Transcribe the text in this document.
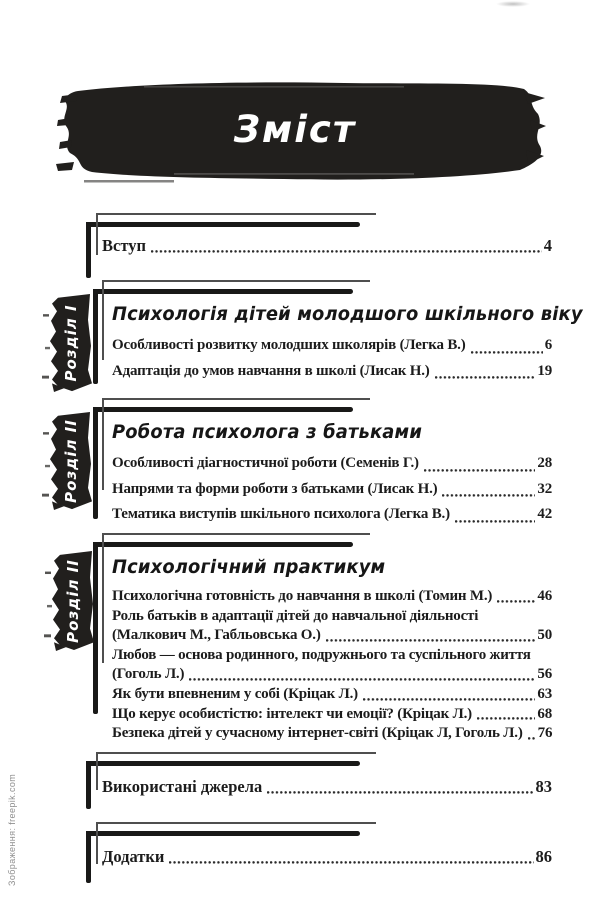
Зміст
Вступ	4
Розділ I Психологія дітей молодшого шкільного віку
Особливості розвитку молодших школярів (Легка В.)	6
Адаптація до умов навчання в школі (Лисак Н.)	19
Розділ II Робота психолога з батьками
Особливості діагностичної роботи (Семенів Г.)	28
Напрями та форми роботи з батьками (Лисак Н.)	32
Тематика виступів шкільного психолога (Легка В.)	42
Розділ II Психологічний практикум
Психологічна готовність до навчання в школі (Томин М.)	46
Роль батьків в адаптації дітей до навчальної діяльності
(Малкович М., Габльовська О.)	50
Любов — основа родинного, подружнього та суспільного життя
(Гоголь Л.)	56
Як бути впевненим у собі (Кріцак Л.)	63
Що керує особистістю: інтелект чи емоції? (Кріцак Л.)	68
Безпека дітей у сучасному інтернет-світі (Кріцак Л, Гоголь Л.) 76
Використані джерела	83
Додатки	86
Зображення: freepik.com
